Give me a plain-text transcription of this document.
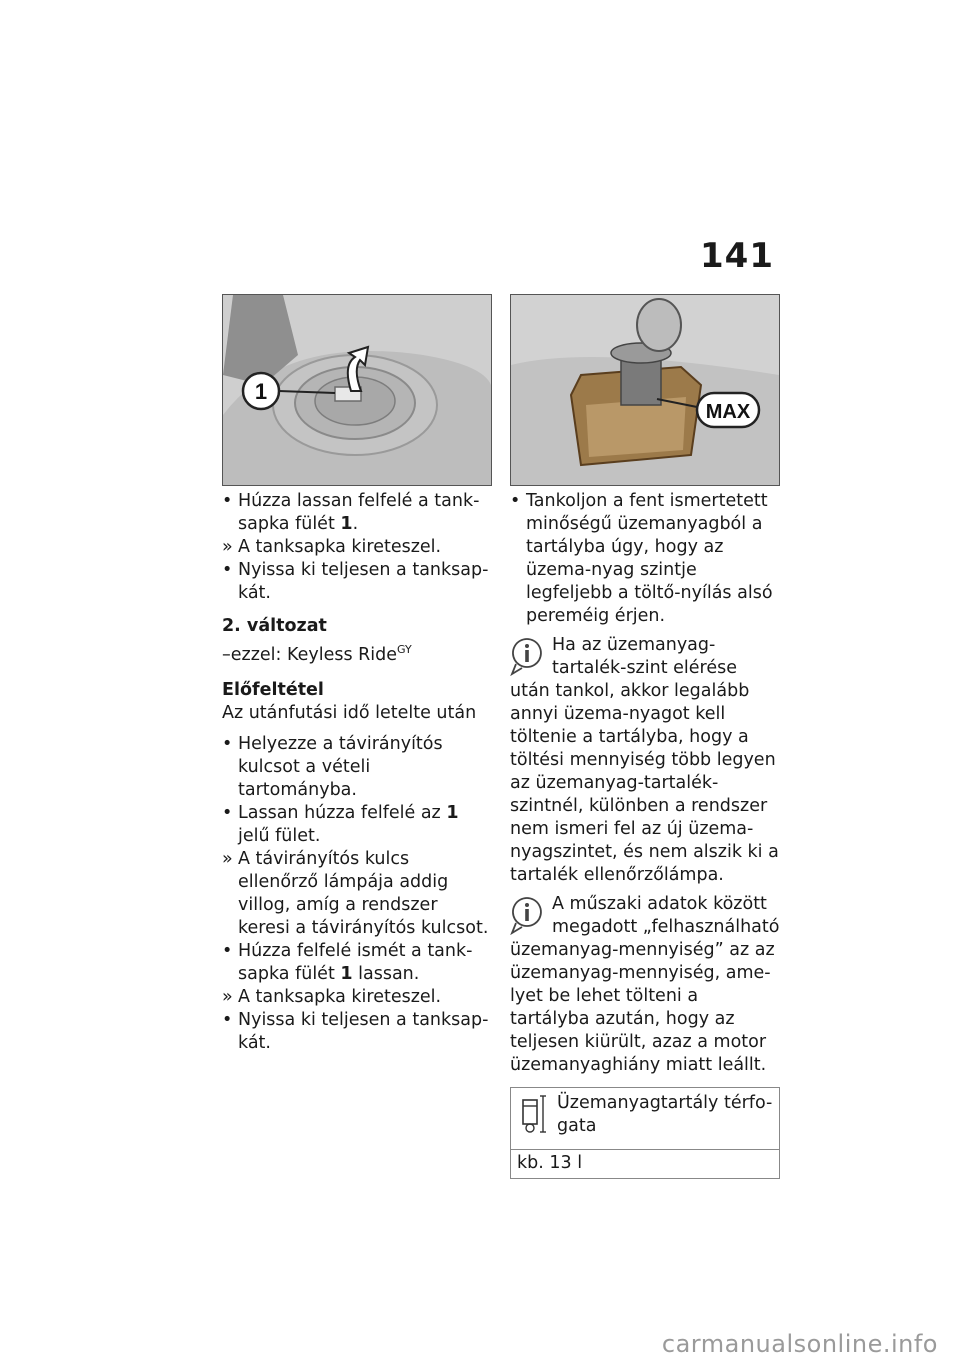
141
1
MAX
• Húzza lassan felfelé a tank-sapka fülét 1.
» A tanksapka kireteszel.
• Nyissa ki teljesen a tanksap-kát.
2. változat
–ezzel: Keyless Ride$^{GY}$
Előfeltétel
Az utánfutási idő letelte után
• Helyezze a távirányítós kulcsot a vételi tartományba.
• Lassan húzza felfelé az 1 jelű fület.
» A távirányítós kulcs ellenőrző lámpája addig villog, amíg a rendszer keresi a távirányítós kulcsot.
• Húzza felfelé ismét a tank-sapka fülét 1 lassan.
» A tanksapka kireteszel.
• Nyissa ki teljesen a tanksap-kát.
• Tankoljon a fent ismertetett minőségű üzemanyagból a tartályba úgy, hogy az üzema-nyag szintje legfeljebb a töltő-nyílás alsó pereméig érjen.

Ha az üzemanyag-tartalék-szint elérése után tankol, akkor legalább annyi üzema-nyagot kell töltenie a tartályba, hogy a töltési mennyiség több legyen az üzemanyag-tartalék-szintnél, különben a rendszer nem ismeri fel az új üzema-nyagszintet, és nem alszik ki a tartalék ellenőrzőlámpa.

A műszaki adatok között megadott „felhasználható üzemanyag-mennyiség” az az üzemanyag-mennyiség, ame-lyet be lehet tölteni a tartályba azután, hogy az teljesen kiürült, azaz a motor üzemanyaghiány miatt leállt.

Üzemanyagtartály térfo-gata
kb. 13 l
carmanualsonline.info
